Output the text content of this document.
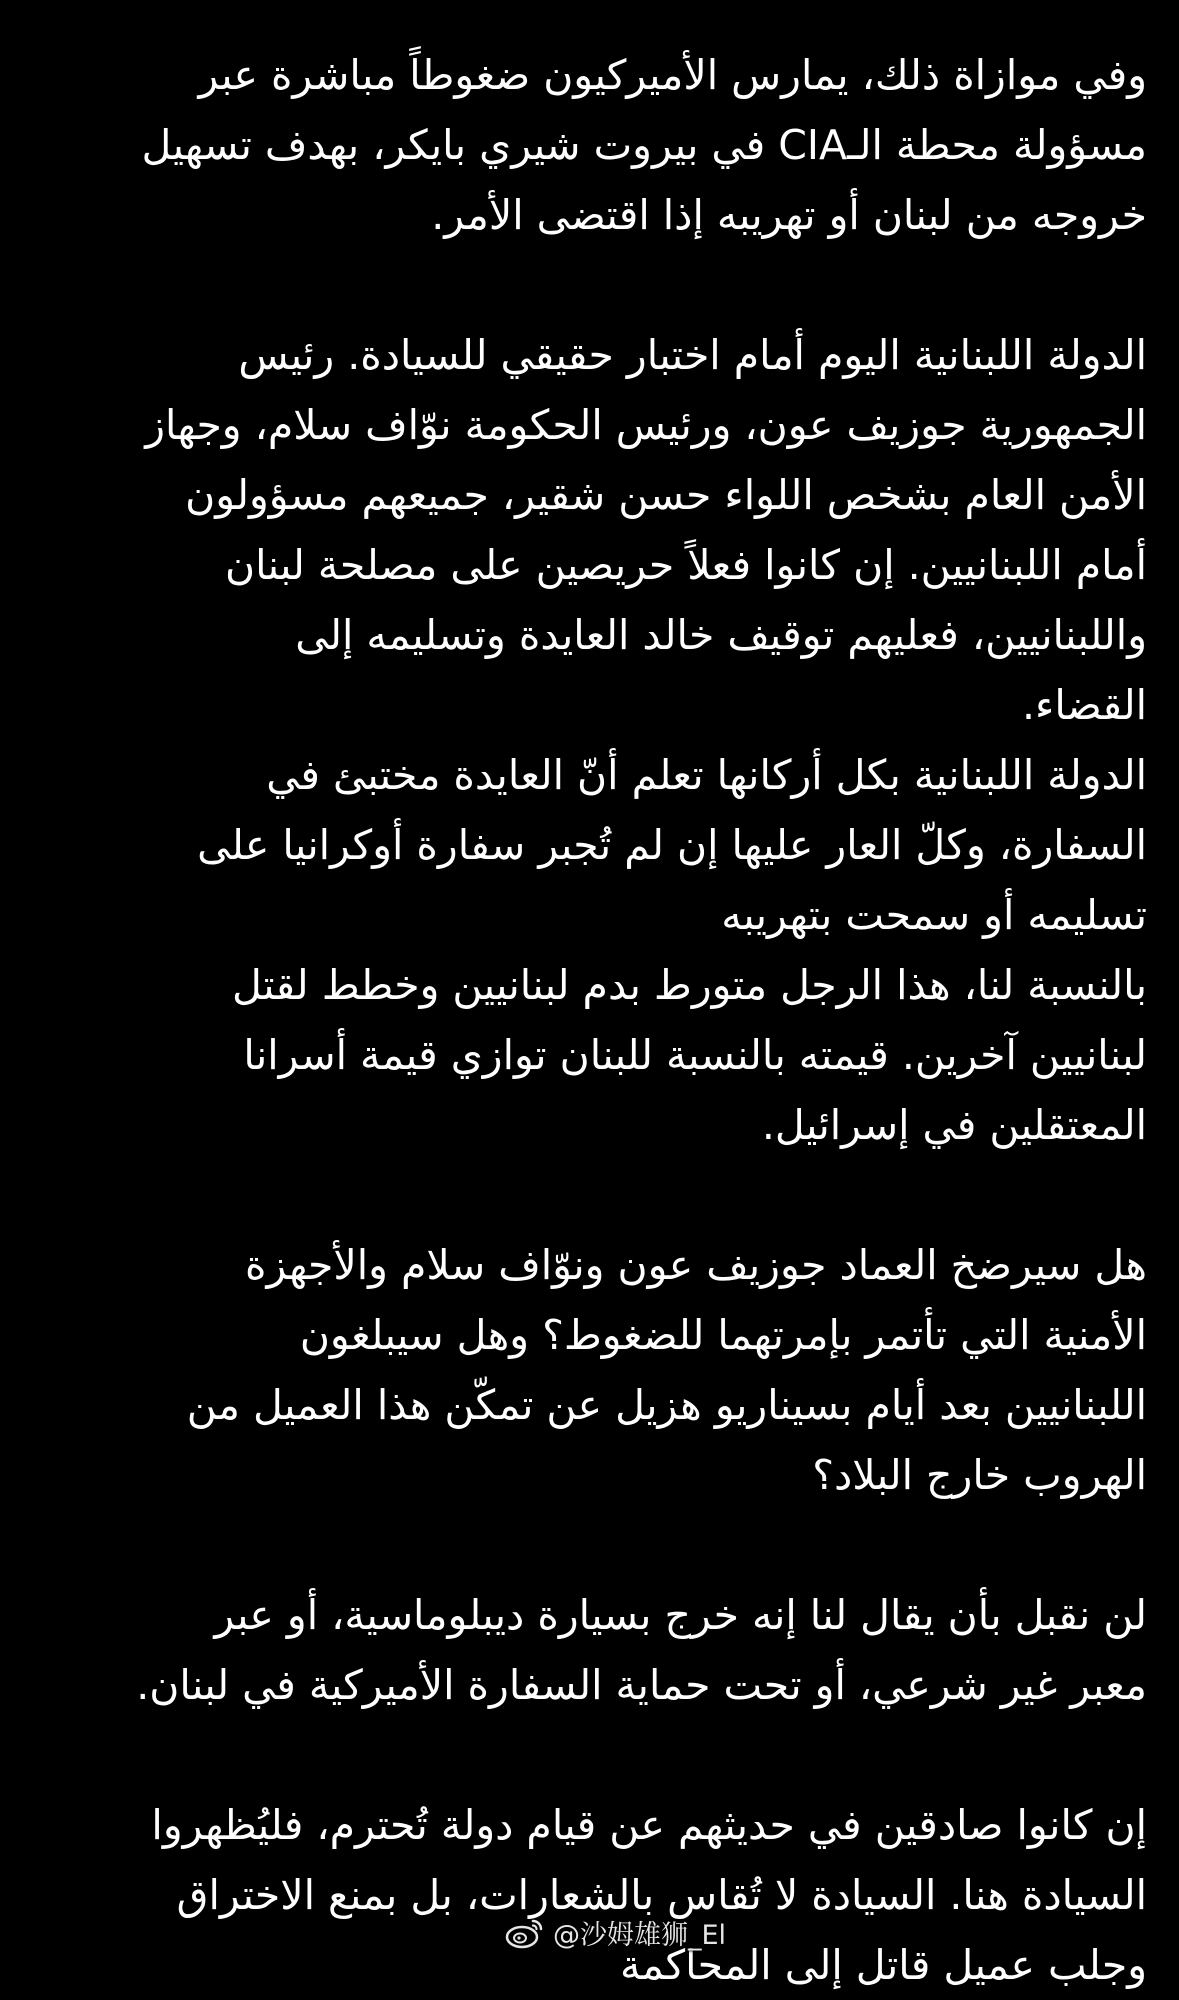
وفي موازاة ذلك، يمارس الأميركيون ضغوطاً مباشرة عبر
مسؤولة محطة الـCIA في بيروت شيري بايكر، بهدف تسهيل
خروجه من لبنان أو تهريبه إذا اقتضى الأمر.
الدولة اللبنانية اليوم أمام اختبار حقيقي للسيادة. رئيس
الجمهورية جوزيف عون، ورئيس الحكومة نوّاف سلام، وجهاز
الأمن العام بشخص اللواء حسن شقير، جميعهم مسؤولون
أمام اللبنانيين. إن كانوا فعلاً حريصين على مصلحة لبنان
واللبنانيين، فعليهم توقيف خالد العايدة وتسليمه إلى
القضاء.
الدولة اللبنانية بكل أركانها تعلم أنّ العايدة مختبئ في
السفارة، وكلّ العار عليها إن لم تُجبر سفارة أوكرانيا على
تسليمه أو سمحت بتهريبه
بالنسبة لنا، هذا الرجل متورط بدم لبنانيين وخطط لقتل
لبنانيين آخرين. قيمته بالنسبة للبنان توازي قيمة أسرانا
المعتقلين في إسرائيل.
هل سيرضخ العماد جوزيف عون ونوّاف سلام والأجهزة
الأمنية التي تأتمر بإمرتهما للضغوط؟ وهل سيبلغون
اللبنانيين بعد أيام بسيناريو هزيل عن تمكّن هذا العميل من
الهروب خارج البلاد؟
لن نقبل بأن يقال لنا إنه خرج بسيارة ديبلوماسية، أو عبر
معبر غير شرعي، أو تحت حماية السفارة الأميركية في لبنان.
إن كانوا صادقين في حديثهم عن قيام دولة تُحترم، فليُظهروا
السيادة هنا. السيادة لا تُقاس بالشعارات، بل بمنع الاختراق
وجلب عميل قاتل إلى المحاكمة
@沙姆雄狮_El
